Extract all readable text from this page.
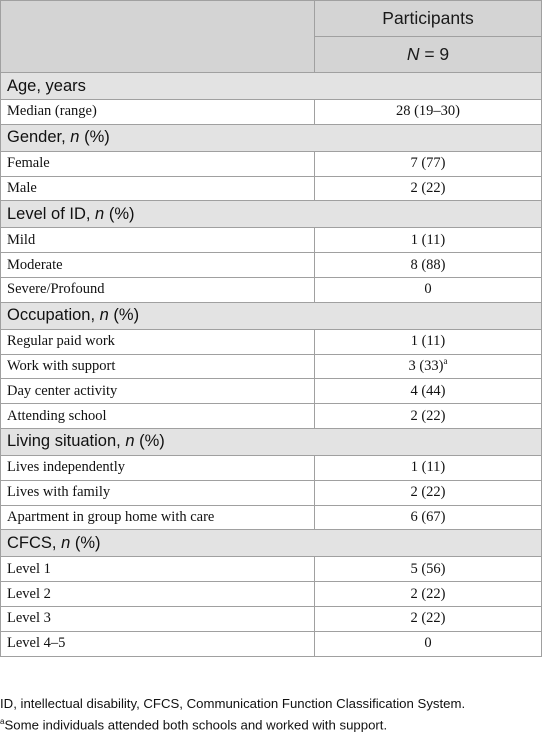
	Participants
	N = 9
Age, years	
Median (range)	28 (19–30)
Gender, n (%)	
Female	7 (77)
Male	2 (22)
Level of ID, n (%)	
Mild	1 (11)
Moderate	8 (88)
Severe/Profound	0
Occupation, n (%)	
Regular paid work	1 (11)
Work with support	3 (33)$^a$
Day center activity	4 (44)
Attending school	2 (22)
Living situation, n (%)	
Lives independently	1 (11)
Lives with family	2 (22)
Apartment in group home with care	6 (67)
CFCS, n (%)	
Level 1	5 (56)
Level 2	2 (22)
Level 3	2 (22)
Level 4–5	0
ID, intellectual disability, CFCS, Communication Function Classification System.
$^a$Some individuals attended both schools and worked with support.
